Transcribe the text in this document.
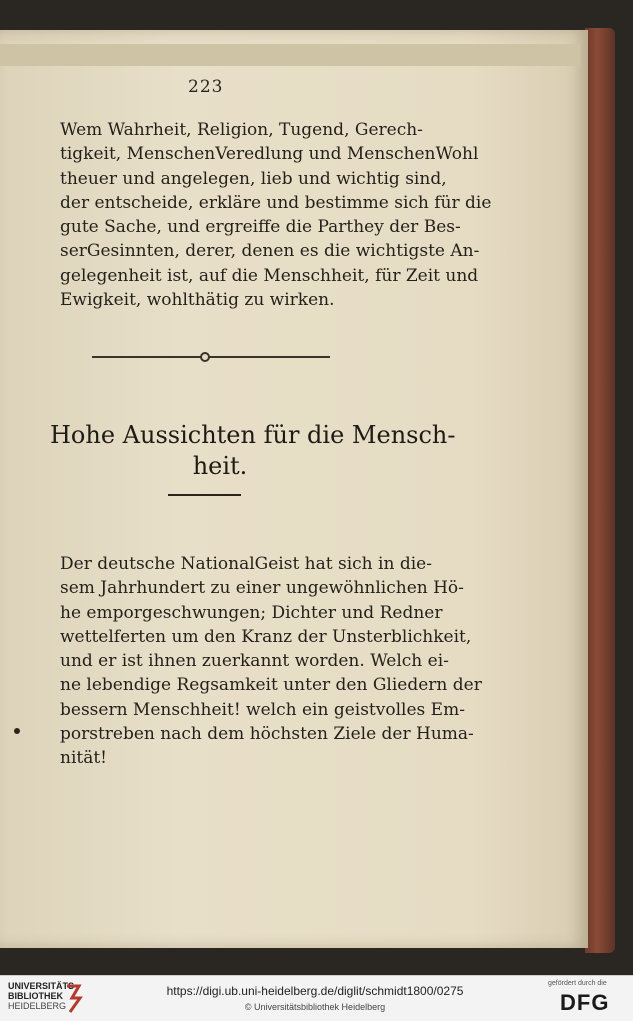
223
Wem Wahrheit, Religion, Tugend, Gerech-
tigkeit, MenschenVeredlung und MenschenWohl
theuer und angelegen, lieb und wichtig sind,
der entscheide, erkläre und bestimme sich für die
gute Sache, und ergreiffe die Parthey der Bes-
serGesinnten, derer, denen es die wichtigste An-
gelegenheit ist, auf die Menschheit, für Zeit und
Ewigkeit, wohlthätig zu wirken.
Hohe Aussichten für die Mensch-
heit.
Der deutsche NationalGeist hat sich in die-
sem Jahrhundert zu einer ungewöhnlichen Hö-
he emporgeschwungen; Dichter und Redner
wettelferten um den Kranz der Unsterblichkeit,
und er ist ihnen zuerkannt worden. Welch ei-
ne lebendige Regsamkeit unter den Gliedern der
bessern Menschheit! welch ein geistvolles Em-
porstreben nach dem höchsten Ziele der Huma-
nität!
UNIVERSITÄTS-
BIBLIOTHEK
HEIDELBERG
https://digi.ub.uni-heidelberg.de/diglit/schmidt1800/0275
© Universitätsbibliothek Heidelberg
gefördert durch die
DFG
